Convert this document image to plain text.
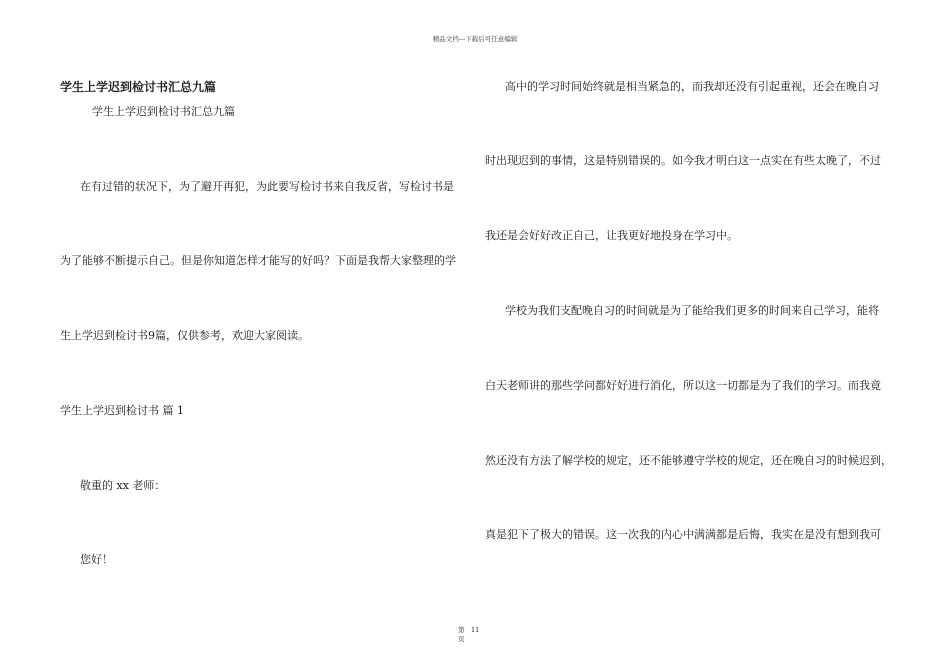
精品文档---下载后可任意编辑
学生上学迟到检讨书汇总九篇
学生上学迟到检讨书汇总九篇
在有过错的状况下，为了避开再犯，为此要写检讨书来自我反省，写检讨书是
为了能够不断提示自己。但是你知道怎样才能写的好吗？下面是我帮大家整理的学
生上学迟到检讨书9篇，仅供参考，欢迎大家阅读。
学生上学迟到检讨书 篇 1
敬重的 xx 老师：
您好！
高中的学习时间始终就是相当紧急的，而我却还没有引起重视，还会在晚自习
时出现迟到的事情，这是特别错误的。如今我才明白这一点实在有些太晚了，不过
我还是会好好改正自己，让我更好地投身在学习中。
学校为我们支配晚自习的时间就是为了能给我们更多的时间来自己学习，能将
白天老师讲的那些学问都好好进行消化，所以这一切都是为了我们的学习。而我竟
然还没有方法了解学校的规定，还不能够遵守学校的规定，还在晚自习的时候迟到，
真是犯下了极大的错误。这一次我的内心中满满都是后悔，我实在是没有想到我可
第
页
11
